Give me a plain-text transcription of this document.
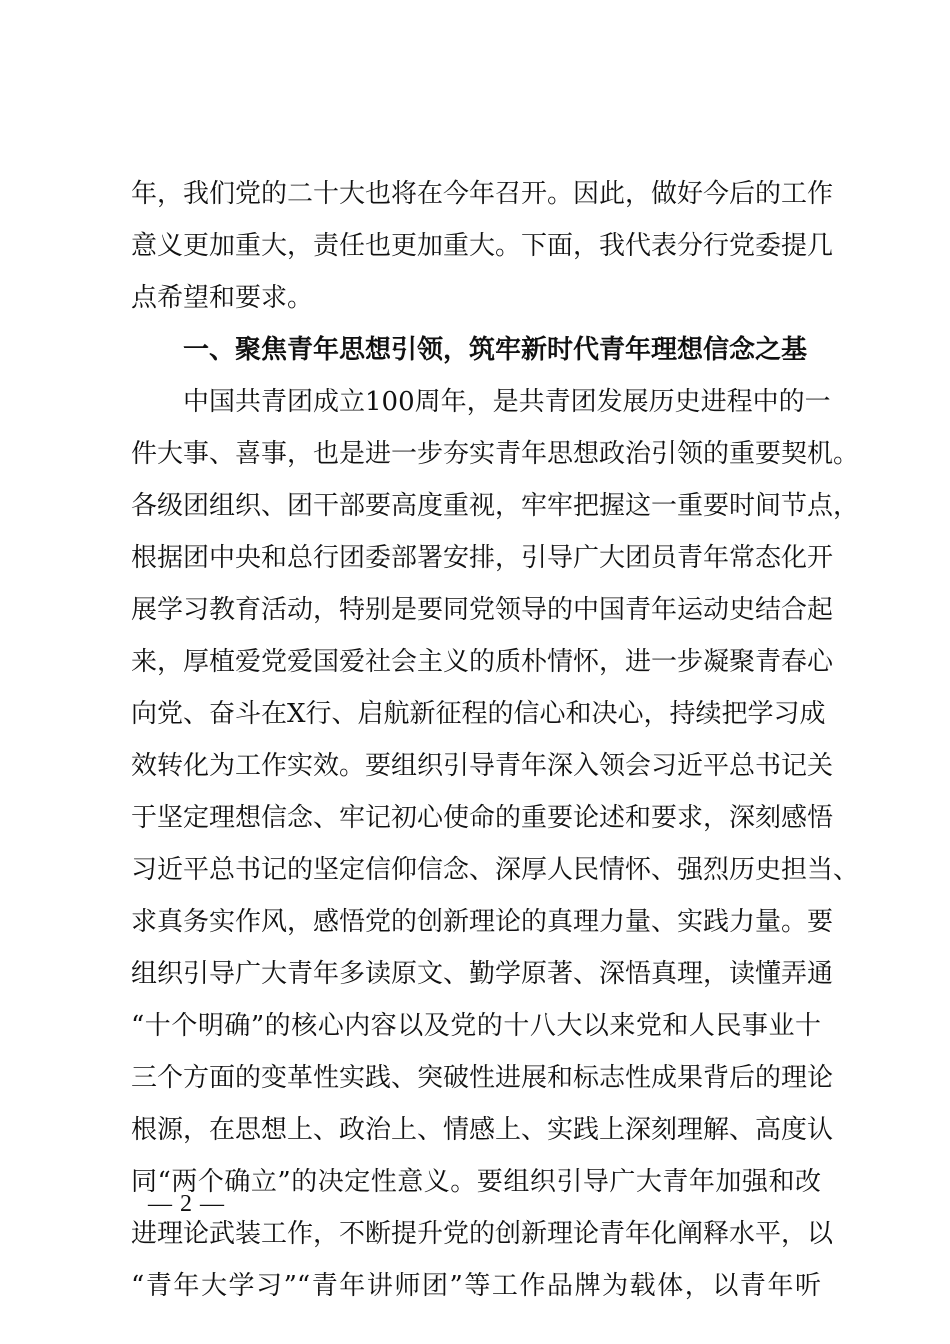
年，我们党的二十大也将在今年召开。因此，做好今后的工作
意义更加重大，责任也更加重大。下面，我代表分行党委提几
点希望和要求。
一、聚焦青年思想引领，筑牢新时代青年理想信念之基
中国共青团成立100周年，是共青团发展历史进程中的一
件大事、喜事，也是进一步夯实青年思想政治引领的重要契机。
各级团组织、团干部要高度重视，牢牢把握这一重要时间节点，
根据团中央和总行团委部署安排，引导广大团员青年常态化开
展学习教育活动，特别是要同党领导的中国青年运动史结合起
来，厚植爱党爱国爱社会主义的质朴情怀，进一步凝聚青春心
向党、奋斗在X行、启航新征程的信心和决心，持续把学习成
效转化为工作实效。要组织引导青年深入领会习近平总书记关
于坚定理想信念、牢记初心使命的重要论述和要求，深刻感悟
习近平总书记的坚定信仰信念、深厚人民情怀、强烈历史担当、
求真务实作风，感悟党的创新理论的真理力量、实践力量。要
组织引导广大青年多读原文、勤学原著、深悟真理，读懂弄通
“十个明确”的核心内容以及党的十八大以来党和人民事业十
三个方面的变革性实践、突破性进展和标志性成果背后的理论
根源，在思想上、政治上、情感上、实践上深刻理解、高度认
同“两个确立”的决定性意义。要组织引导广大青年加强和改
进理论武装工作，不断提升党的创新理论青年化阐释水平，以
“青年大学习”“青年讲师团”等工作品牌为载体，以青年听
— 2 —
